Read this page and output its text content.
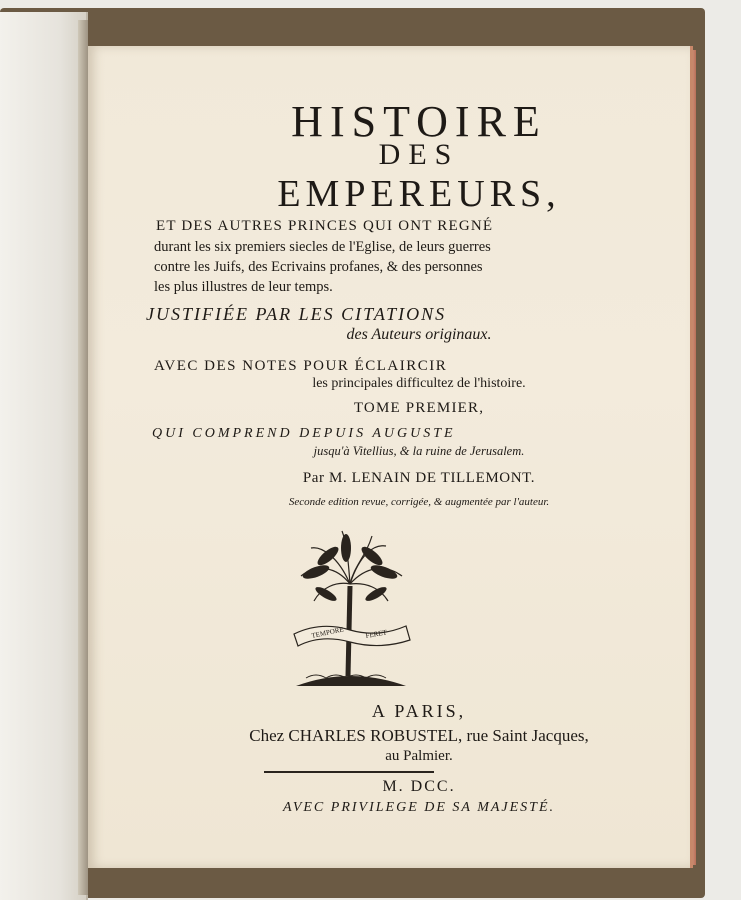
HISTOIRE
DES
EMPEREURS,
ET DES AUTRES PRINCES QUI ONT REGNÉ
durant les six premiers siecles de l'Eglise, de leurs guerres
contre les Juifs, des Ecrivains profanes, & des personnes
les plus illustres de leur temps.
JUSTIFIÉE PAR LES CITATIONS
des Auteurs originaux.
AVEC DES NOTES POUR ÉCLAIRCIR
les principales difficultez de l'histoire.
TOME PREMIER,
QUI COMPREND DEPUIS AUGUSTE
jusqu'à Vitellius, & la ruine de Jerusalem.
Par M. LENAIN DE TILLEMONT.
Seconde edition revue, corrigée, & augmentée par l'auteur.
TEMPORE	FERET
A PARIS,
Chez CHARLES ROBUSTEL, rue Saint Jacques,
au Palmier.
M. DCC.
AVEC PRIVILEGE DE SA MAJESTÉ.
